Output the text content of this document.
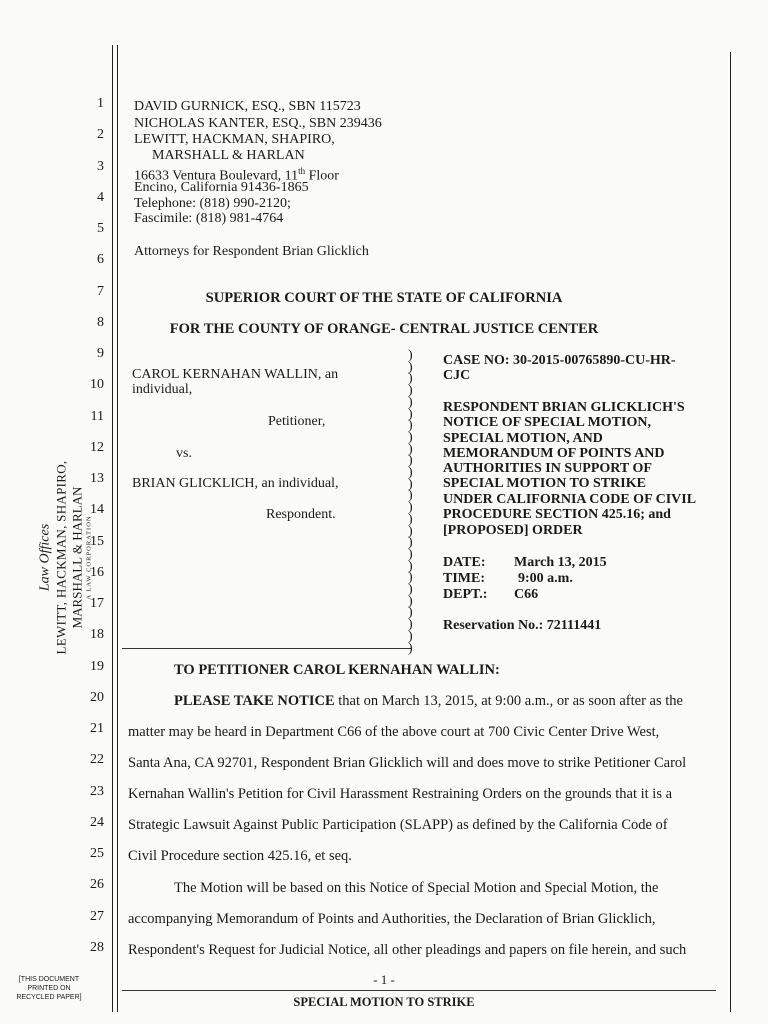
1
2
3
4
5
6
7
8
9
10
11
12
13
14
15
16
17
18
19
20
21
22
23
24
25
26
27
28
DAVID GURNICK, ESQ., SBN 115723
NICHOLAS KANTER, ESQ., SBN 239436
LEWITT, HACKMAN, SHAPIRO,
MARSHALL & HARLAN
16633 Ventura Boulevard, 11th Floor
Encino, California 91436-1865
Telephone: (818) 990-2120;
Fascimile: (818) 981-4764
Attorneys for Respondent Brian Glicklich
SUPERIOR COURT OF THE STATE OF CALIFORNIA
FOR THE COUNTY OF ORANGE- CENTRAL JUSTICE CENTER
CAROL KERNAHAN WALLIN, an
individual,
Petitioner,
vs.
BRIAN GLICKLICH, an individual,
Respondent.
)
)
)
)
)
)
)
)
)
)
)
)
)
)
)
)
)
)
)
)
)
)
)
)
)
)
CASE NO: 30-2015-00765890-CU-HR-
CJC
RESPONDENT BRIAN GLICKLICH'S
NOTICE OF SPECIAL MOTION,
SPECIAL MOTION, AND
MEMORANDUM OF POINTS AND
AUTHORITIES IN SUPPORT OF
SPECIAL MOTION TO STRIKE
UNDER CALIFORNIA CODE OF CIVIL
PROCEDURE SECTION 425.16; and
[PROPOSED] ORDER
DATE: March 13, 2015
TIME: 9:00 a.m.
DEPT.: C66
Reservation No.: 72111441
TO PETITIONER CAROL KERNAHAN WALLIN:
PLEASE TAKE NOTICE that on March 13, 2015, at 9:00 a.m., or as soon after as the
matter may be heard in Department C66 of the above court at 700 Civic Center Drive West,
Santa Ana, CA 92701, Respondent Brian Glicklich will and does move to strike Petitioner Carol
Kernahan Wallin's Petition for Civil Harassment Restraining Orders on the grounds that it is a
Strategic Lawsuit Against Public Participation (SLAPP) as defined by the California Code of
Civil Procedure section 425.16, et seq.
The Motion will be based on this Notice of Special Motion and Special Motion, the
accompanying Memorandum of Points and Authorities, the Declaration of Brian Glicklich,
Respondent's Request for Judicial Notice, all other pleadings and papers on file herein, and such
Law Offices LEWITT, HACKMAN, SHAPIRO, MARSHALL & HARLAN A LAW CORPORATION
[THIS DOCUMENT
PRINTED ON
RECYCLED PAPER]
- 1 -
SPECIAL MOTION TO STRIKE
